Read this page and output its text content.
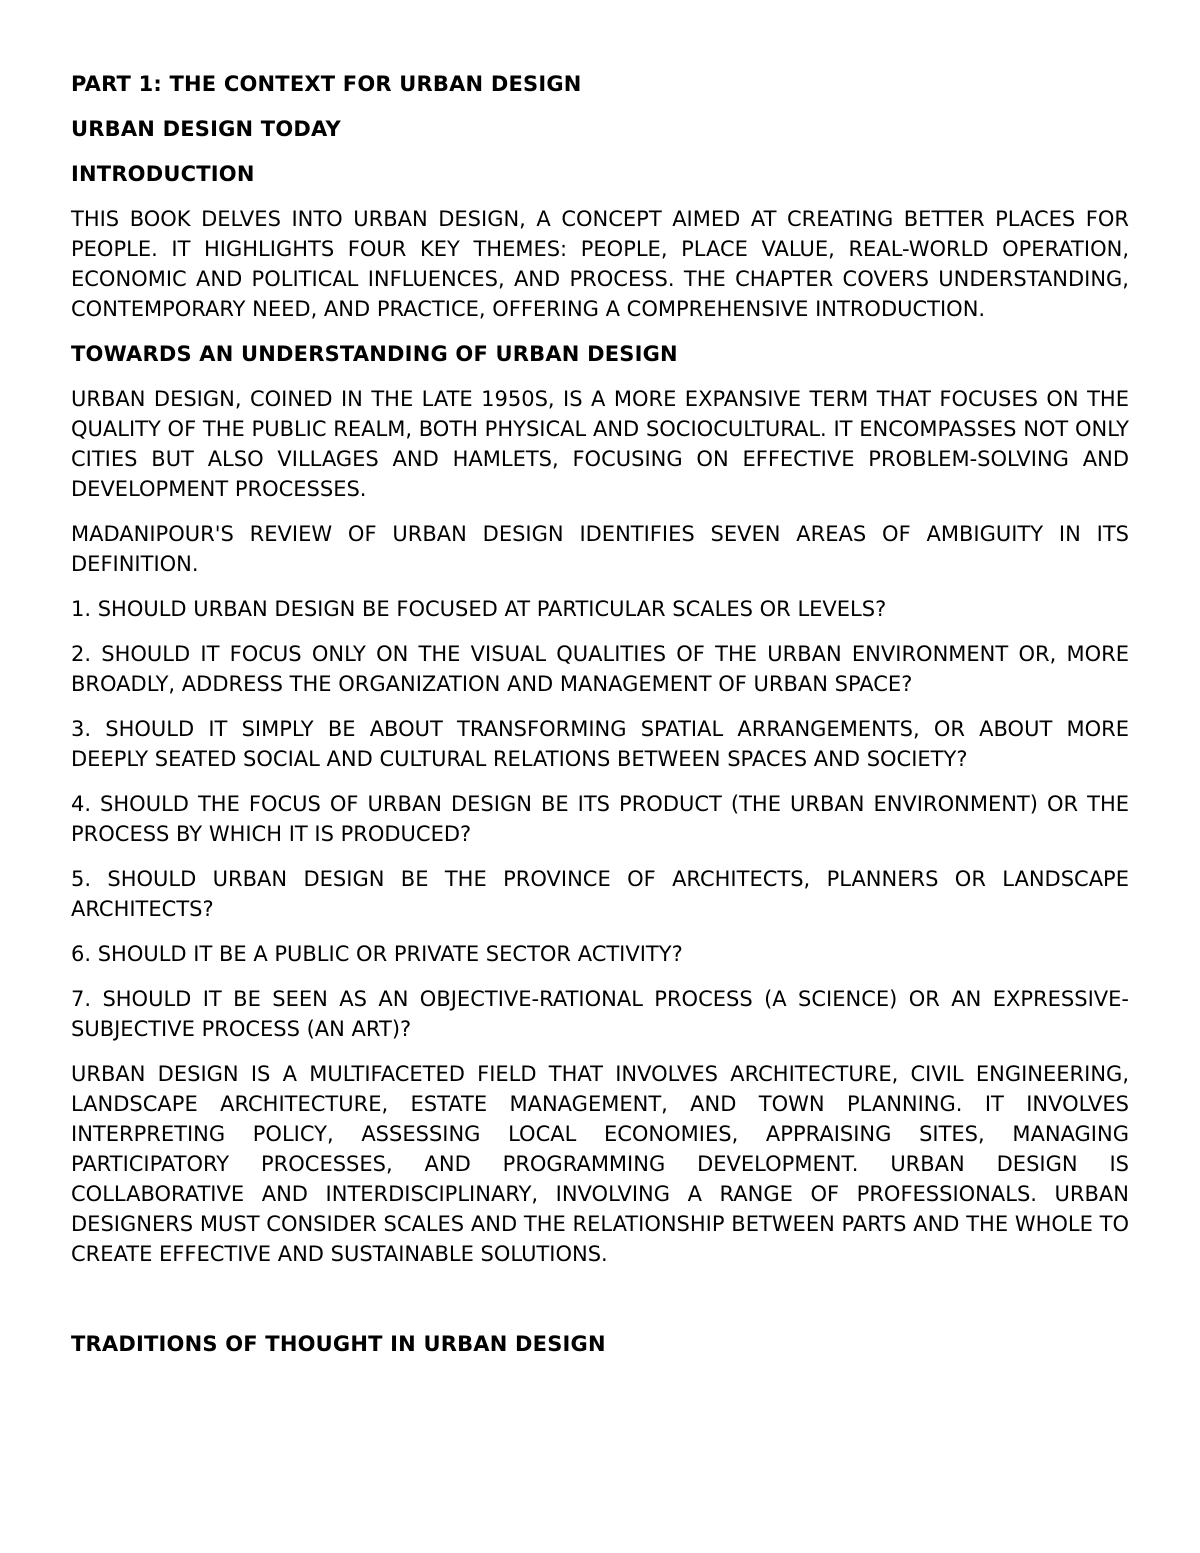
PART 1: THE CONTEXT FOR URBAN DESIGN
URBAN DESIGN TODAY
INTRODUCTION
THIS BOOK DELVES INTO URBAN DESIGN, A CONCEPT AIMED AT CREATING BETTER PLACES FOR PEOPLE. IT HIGHLIGHTS FOUR KEY THEMES: PEOPLE, PLACE VALUE, REAL-WORLD OPERATION, ECONOMIC AND POLITICAL INFLUENCES, AND PROCESS. THE CHAPTER COVERS UNDERSTANDING, CONTEMPORARY NEED, AND PRACTICE, OFFERING A COMPREHENSIVE INTRODUCTION.
TOWARDS AN UNDERSTANDING OF URBAN DESIGN
URBAN DESIGN, COINED IN THE LATE 1950S, IS A MORE EXPANSIVE TERM THAT FOCUSES ON THE QUALITY OF THE PUBLIC REALM, BOTH PHYSICAL AND SOCIOCULTURAL. IT ENCOMPASSES NOT ONLY CITIES BUT ALSO VILLAGES AND HAMLETS, FOCUSING ON EFFECTIVE PROBLEM-SOLVING AND DEVELOPMENT PROCESSES.
MADANIPOUR'S REVIEW OF URBAN DESIGN IDENTIFIES SEVEN AREAS OF AMBIGUITY IN ITS DEFINITION.
1. SHOULD URBAN DESIGN BE FOCUSED AT PARTICULAR SCALES OR LEVELS?
2. SHOULD IT FOCUS ONLY ON THE VISUAL QUALITIES OF THE URBAN ENVIRONMENT OR, MORE BROADLY, ADDRESS THE ORGANIZATION AND MANAGEMENT OF URBAN SPACE?
3. SHOULD IT SIMPLY BE ABOUT TRANSFORMING SPATIAL ARRANGEMENTS, OR ABOUT MORE DEEPLY SEATED SOCIAL AND CULTURAL RELATIONS BETWEEN SPACES AND SOCIETY?
4. SHOULD THE FOCUS OF URBAN DESIGN BE ITS PRODUCT (THE URBAN ENVIRONMENT) OR THE PROCESS BY WHICH IT IS PRODUCED?
5. SHOULD URBAN DESIGN BE THE PROVINCE OF ARCHITECTS, PLANNERS OR LANDSCAPE ARCHITECTS?
6. SHOULD IT BE A PUBLIC OR PRIVATE SECTOR ACTIVITY?
7. SHOULD IT BE SEEN AS AN OBJECTIVE-RATIONAL PROCESS (A SCIENCE) OR AN EXPRESSIVE-SUBJECTIVE PROCESS (AN ART)?
URBAN DESIGN IS A MULTIFACETED FIELD THAT INVOLVES ARCHITECTURE, CIVIL ENGINEERING, LANDSCAPE ARCHITECTURE, ESTATE MANAGEMENT, AND TOWN PLANNING. IT INVOLVES INTERPRETING POLICY, ASSESSING LOCAL ECONOMIES, APPRAISING SITES, MANAGING PARTICIPATORY PROCESSES, AND PROGRAMMING DEVELOPMENT. URBAN DESIGN IS COLLABORATIVE AND INTERDISCIPLINARY, INVOLVING A RANGE OF PROFESSIONALS. URBAN DESIGNERS MUST CONSIDER SCALES AND THE RELATIONSHIP BETWEEN PARTS AND THE WHOLE TO CREATE EFFECTIVE AND SUSTAINABLE SOLUTIONS.
TRADITIONS OF THOUGHT IN URBAN DESIGN
